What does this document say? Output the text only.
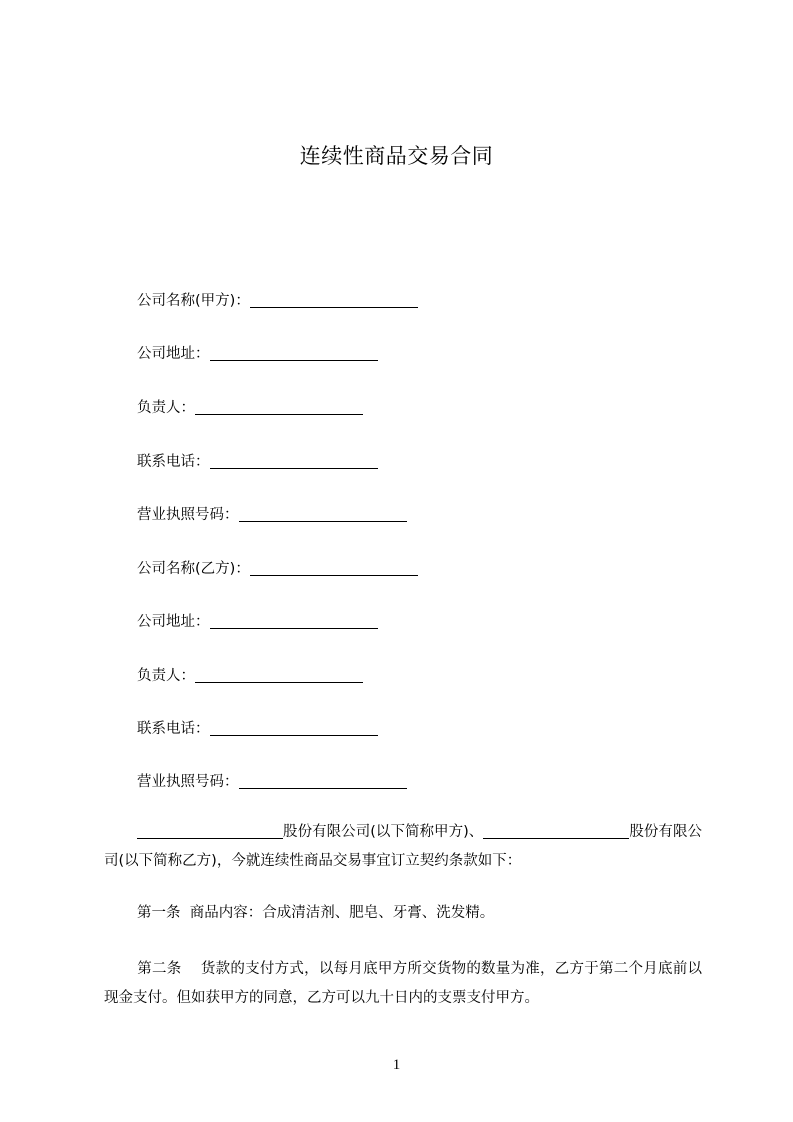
连续性商品交易合同
公司名称(甲方)：
公司地址：
负责人：
联系电话：
营业执照号码：
公司名称(乙方)：
公司地址：
负责人：
联系电话：
营业执照号码：
股份有限公司(以下简称甲方)、	股份有限公司(以下简称乙方)，今就连续性商品交易事宜订立契约条款如下：
第一条  商品内容：合成清洁剂、肥皂、牙膏、洗发精。
第二条    货款的支付方式，以每月底甲方所交货物的数量为准，乙方于第二个月底前以现金支付。但如获甲方的同意，乙方可以九十日内的支票支付甲方。
1
